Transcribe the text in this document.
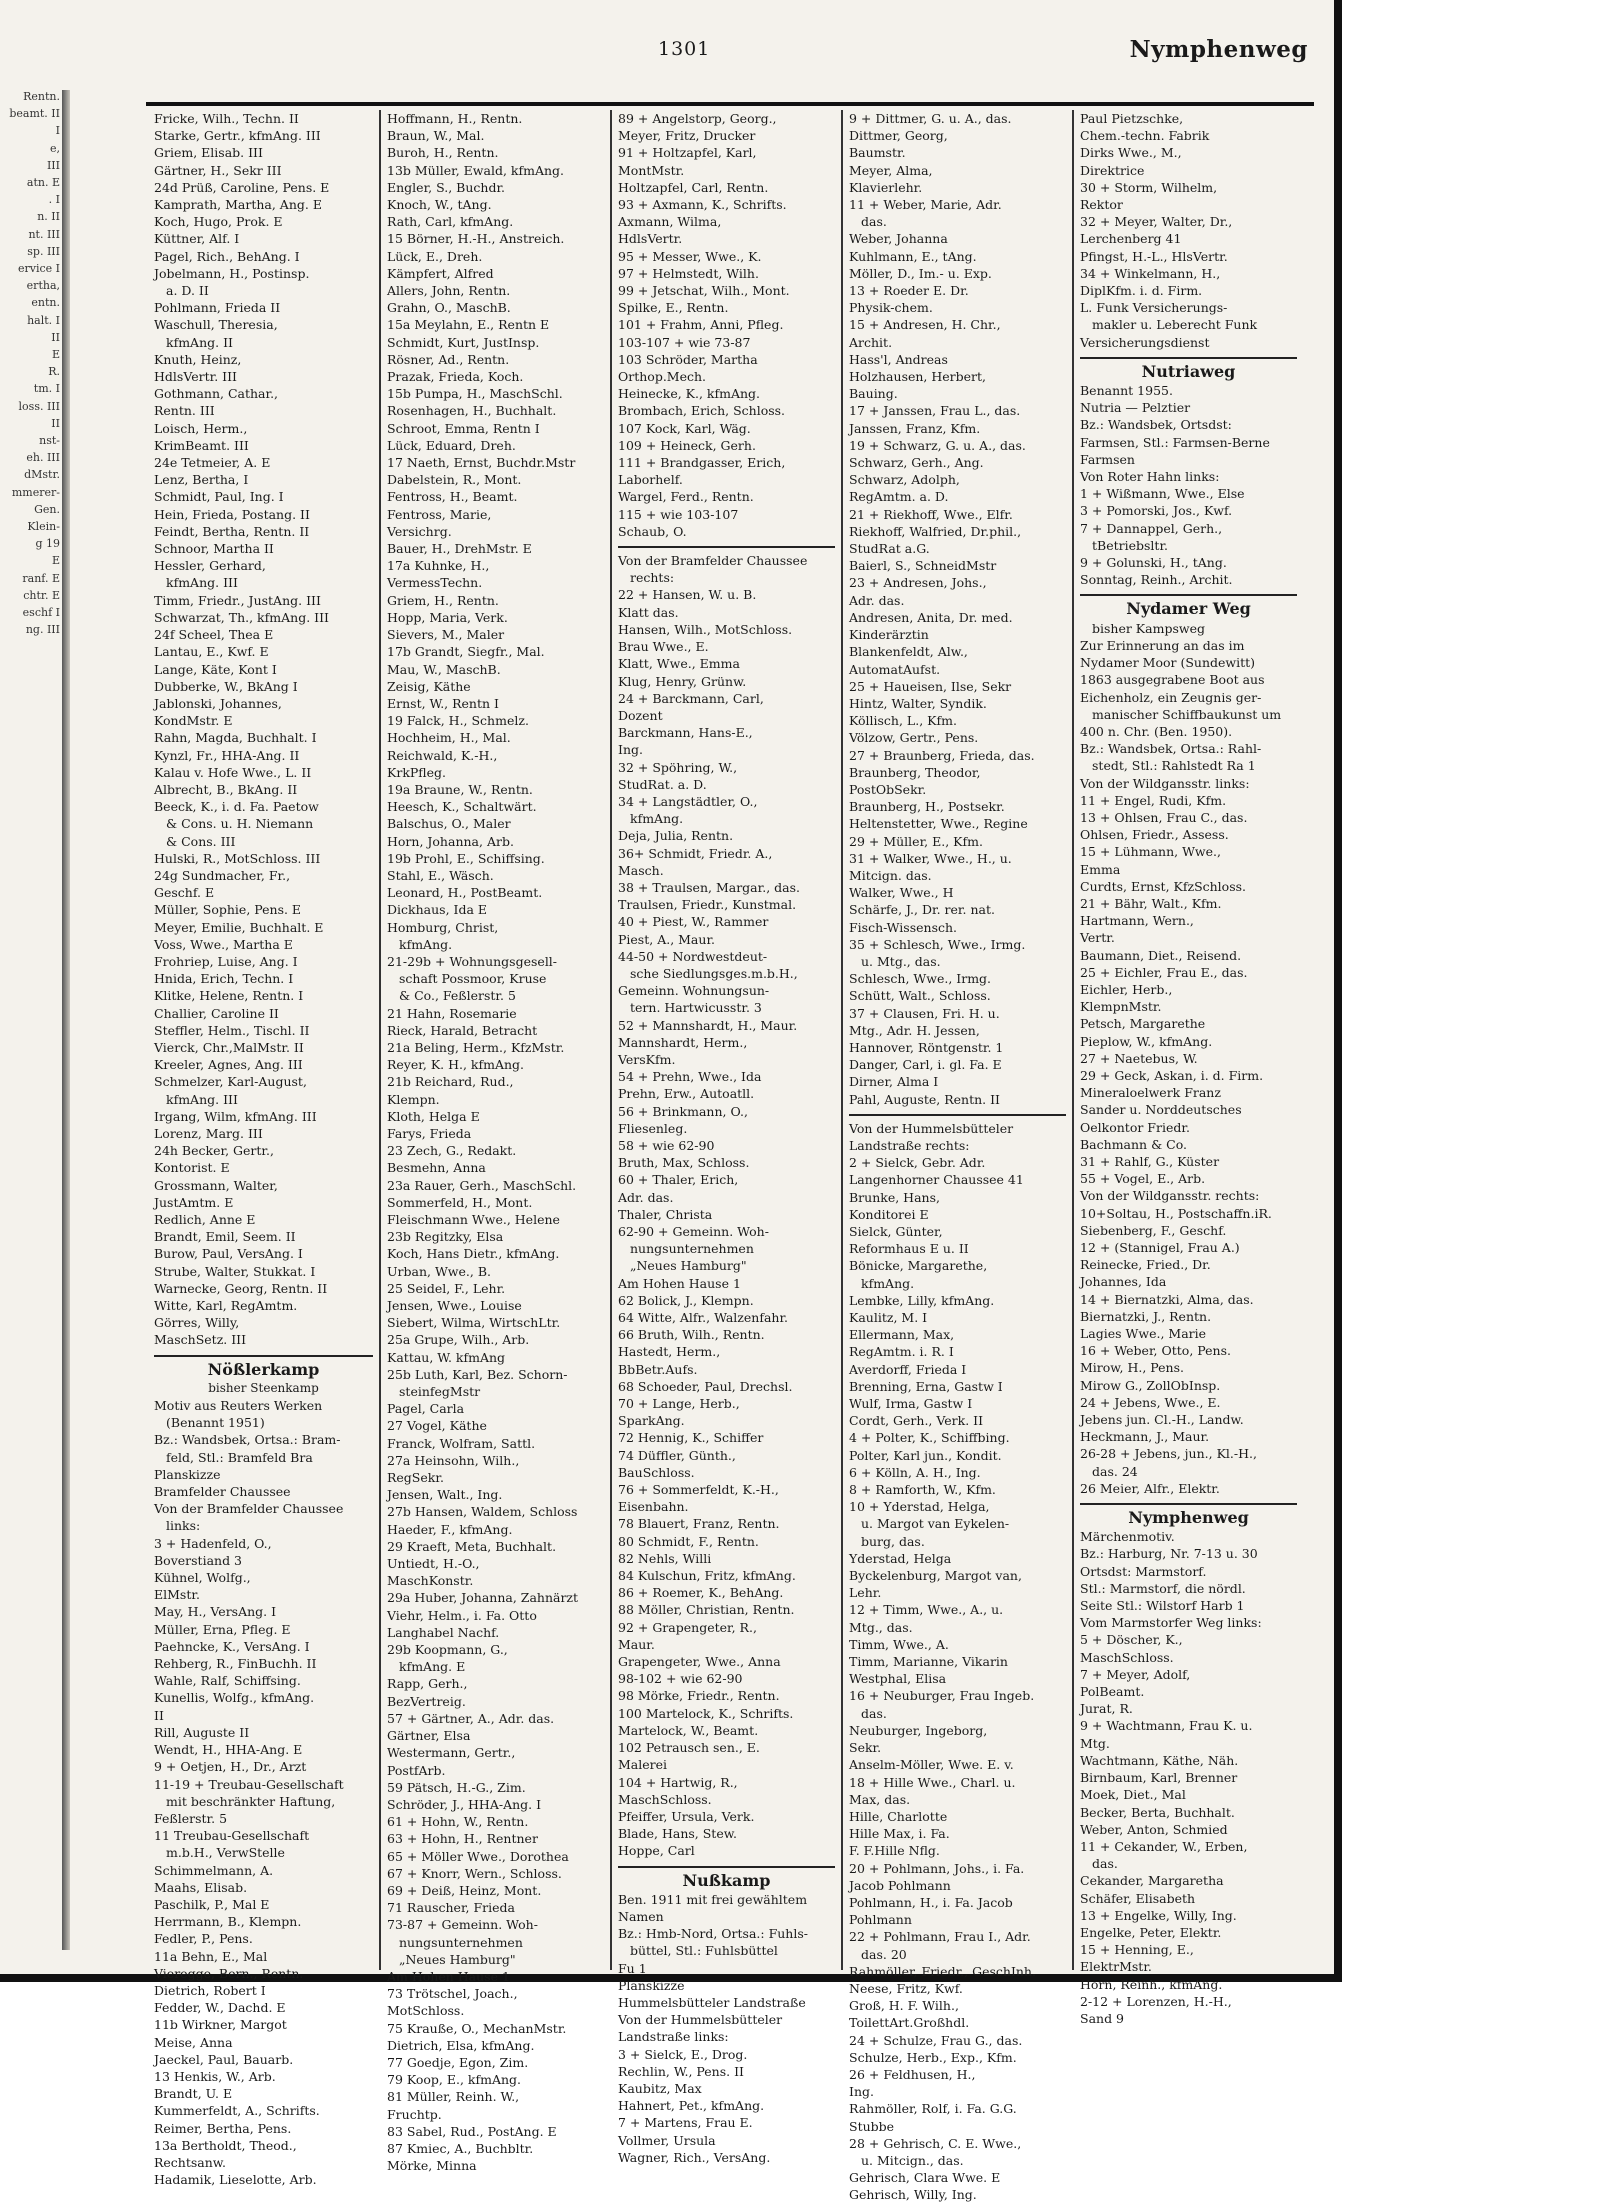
Rentn.
beamt. II
I
e,
III
atn. E
. I
n. II
nt. III
sp. III
ervice I
ertha,
entn.
halt. I
II
E
R.
tm. I
loss. III
II
nst-
eh. III
dMstr.
mmerer-
Gen.
Klein-
g 19
E
ranf. E
chtr. E
eschf I
ng. III
1301	Nymphenweg
Fricke, Wilh., Techn. II
Starke, Gertr., kfmAng. III
Griem, Elisab. III
Gärtner, H., Sekr III
24d Prüß, Caroline, Pens. E
Kamprath, Martha, Ang. E
Koch, Hugo, Prok. E
Küttner, Alf. I
Pagel, Rich., BehAng. I
Jobelmann, H., Postinsp.
a. D. II
Pohlmann, Frieda II
Waschull, Theresia,
kfmAng. II
Knuth, Heinz,
HdlsVertr. III
Gothmann, Cathar.,
Rentn. III
Loisch, Herm.,
KrimBeamt. III
24e Tetmeier, A. E
Lenz, Bertha, I
Schmidt, Paul, Ing. I
Hein, Frieda, Postang. II
Feindt, Bertha, Rentn. II
Schnoor, Martha II
Hessler, Gerhard,
kfmAng. III
Timm, Friedr., JustAng. III
Schwarzat, Th., kfmAng. III
24f Scheel, Thea E
Lantau, E., Kwf. E
Lange, Käte, Kont I
Dubberke, W., BkAng I
Jablonski, Johannes,
KondMstr. E
Rahn, Magda, Buchhalt. I
Kynzl, Fr., HHA-Ang. II
Kalau v. Hofe Wwe., L. II
Albrecht, B., BkAng. II
Beeck, K., i. d. Fa. Paetow
& Cons. u. H. Niemann
& Cons. III
Hulski, R., MotSchloss. III
24g Sundmacher, Fr.,
Geschf. E
Müller, Sophie, Pens. E
Meyer, Emilie, Buchhalt. E
Voss, Wwe., Martha E
Frohriep, Luise, Ang. I
Hnida, Erich, Techn. I
Klitke, Helene, Rentn. I
Challier, Caroline II
Steffler, Helm., Tischl. II
Vierck, Chr.,MalMstr. II
Kreeler, Agnes, Ang. III
Schmelzer, Karl-August,
kfmAng. III
Irgang, Wilm, kfmAng. III
Lorenz, Marg. III
24h Becker, Gertr.,
Kontorist. E
Grossmann, Walter,
JustAmtm. E
Redlich, Anne E
Brandt, Emil, Seem. II
Burow, Paul, VersAng. I
Strube, Walter, Stukkat. I
Warnecke, Georg, Rentn. II
Witte, Karl, RegAmtm.
Görres, Willy,
MaschSetz. III
Nößlerkamp
bisher Steenkamp
Motiv aus Reuters Werken
(Benannt 1951)
Bz.: Wandsbek, Ortsa.: Bram-
feld, Stl.: Bramfeld Bra
Planskizze
Bramfelder Chaussee
Von der Bramfelder Chaussee
links:
3 + Hadenfeld, O.,
Boverstiand 3
Kühnel, Wolfg.,
ElMstr.
May, H., VersAng. I
Müller, Erna, Pfleg. E
Paehncke, K., VersAng. I
Rehberg, R., FinBuchh. II
Wahle, Ralf, Schiffsing.
Kunellis, Wolfg., kfmAng.
II
Rill, Auguste II
Wendt, H., HHA-Ang. E
9 + Oetjen, H., Dr., Arzt
11-19 + Treubau-Gesellschaft
mit beschränkter Haftung,
Feßlerstr. 5
11 Treubau-Gesellschaft
m.b.H., VerwStelle
Schimmelmann, A.
Maahs, Elisab.
Paschilk, P., Mal E
Herrmann, B., Klempn.
Fedler, P., Pens.
11a Behn, E., Mal
Vieregge, Bern., Rentn.
Dietrich, Robert I
Fedder, W., Dachd. E
11b Wirkner, Margot
Meise, Anna
Jaeckel, Paul, Bauarb.
13 Henkis, W., Arb.
Brandt, U. E
Kummerfeldt, A., Schrifts.
Reimer, Bertha, Pens.
13a Bertholdt, Theod.,
Rechtsanw.
Hadamik, Lieselotte, Arb.
Hoffmann, H., Rentn.
Braun, W., Mal.
Buroh, H., Rentn.
13b Müller, Ewald, kfmAng.
Engler, S., Buchdr.
Knoch, W., tAng.
Rath, Carl, kfmAng.
15 Börner, H.-H., Anstreich.
Lück, E., Dreh.
Kämpfert, Alfred
Allers, John, Rentn.
Grahn, O., MaschB.
15a Meylahn, E., Rentn E
Schmidt, Kurt, JustInsp.
Rösner, Ad., Rentn.
Prazak, Frieda, Koch.
15b Pumpa, H., MaschSchl.
Rosenhagen, H., Buchhalt.
Schroot, Emma, Rentn I
Lück, Eduard, Dreh.
17 Naeth, Ernst, Buchdr.Mstr
Dabelstein, R., Mont.
Fentross, H., Beamt.
Fentross, Marie,
Versichrg.
Bauer, H., DrehMstr. E
17a Kuhnke, H.,
VermessTechn.
Griem, H., Rentn.
Hopp, Maria, Verk.
Sievers, M., Maler
17b Grandt, Siegfr., Mal.
Mau, W., MaschB.
Zeisig, Käthe
Ernst, W., Rentn I
19 Falck, H., Schmelz.
Hochheim, H., Mal.
Reichwald, K.-H.,
KrkPfleg.
19a Braune, W., Rentn.
Heesch, K., Schaltwärt.
Balschus, O., Maler
Horn, Johanna, Arb.
19b Prohl, E., Schiffsing.
Stahl, E., Wäsch.
Leonard, H., PostBeamt.
Dickhaus, Ida E
Homburg, Christ,
kfmAng.
21-29b + Wohnungsgesell-
schaft Possmoor, Kruse
& Co., Feßlerstr. 5
21 Hahn, Rosemarie
Rieck, Harald, Betracht
21a Beling, Herm., KfzMstr.
Reyer, K. H., kfmAng.
21b Reichard, Rud.,
Klempn.
Kloth, Helga E
Farys, Frieda
23 Zech, G., Redakt.
Besmehn, Anna
23a Rauer, Gerh., MaschSchl.
Sommerfeld, H., Mont.
Fleischmann Wwe., Helene
23b Regitzky, Elsa
Koch, Hans Dietr., kfmAng.
Urban, Wwe., B.
25 Seidel, F., Lehr.
Jensen, Wwe., Louise
Siebert, Wilma, WirtschLtr.
25a Grupe, Wilh., Arb.
Kattau, W. kfmAng
25b Luth, Karl, Bez. Schorn-
steinfegMstr
Pagel, Carla
27 Vogel, Käthe
Franck, Wolfram, Sattl.
27a Heinsohn, Wilh.,
RegSekr.
Jensen, Walt., Ing.
27b Hansen, Waldem, Schloss
Haeder, F., kfmAng.
29 Kraeft, Meta, Buchhalt.
Untiedt, H.-O.,
MaschKonstr.
29a Huber, Johanna, Zahnärzt
Viehr, Helm., i. Fa. Otto
Langhabel Nachf.
29b Koopmann, G.,
kfmAng. E
Rapp, Gerh.,
BezVertreig.
57 + Gärtner, A., Adr. das.
Gärtner, Elsa
Westermann, Gertr.,
PostfArb.
59 Pätsch, H.-G., Zim.
Schröder, J., HHA-Ang. I
61 + Hohn, W., Rentn.
63 + Hohn, H., Rentner
65 + Möller Wwe., Dorothea
67 + Knorr, Wern., Schloss.
69 + Deiß, Heinz, Mont.
71 Rauscher, Frieda
73-87 + Gemeinn. Woh-
nungsunternehmen
„Neues Hamburg"
Am Hohen Hause 1
73 Trötschel, Joach.,
MotSchloss.
75 Krauße, O., MechanMstr.
Dietrich, Elsa, kfmAng.
77 Goedje, Egon, Zim.
79 Koop, E., kfmAng.
81 Müller, Reinh. W.,
Fruchtp.
83 Sabel, Rud., PostAng. E
87 Kmiec, A., Buchbltr.
Mörke, Minna
89 + Angelstorp, Georg.,
Meyer, Fritz, Drucker
91 + Holtzapfel, Karl,
MontMstr.
Holtzapfel, Carl, Rentn.
93 + Axmann, K., Schrifts.
Axmann, Wilma,
HdlsVertr.
95 + Messer, Wwe., K.
97 + Helmstedt, Wilh.
99 + Jetschat, Wilh., Mont.
Spilke, E., Rentn.
101 + Frahm, Anni, Pfleg.
103-107 + wie 73-87
103 Schröder, Martha
Orthop.Mech.
Heinecke, K., kfmAng.
Brombach, Erich, Schloss.
107 Kock, Karl, Wäg.
109 + Heineck, Gerh.
111 + Brandgasser, Erich,
Laborhelf.
Wargel, Ferd., Rentn.
115 + wie 103-107
Schaub, O.
Von der Bramfelder Chaussee
rechts:
22 + Hansen, W. u. B.
Klatt das.
Hansen, Wilh., MotSchloss.
Brau Wwe., E.
Klatt, Wwe., Emma
Klug, Henry, Grünw.
24 + Barckmann, Carl,
Dozent
Barckmann, Hans-E.,
Ing.
32 + Spöhring, W.,
StudRat. a. D.
34 + Langstädtler, O.,
kfmAng.
Deja, Julia, Rentn.
36+ Schmidt, Friedr. A.,
Masch.
38 + Traulsen, Margar., das.
Traulsen, Friedr., Kunstmal.
40 + Piest, W., Rammer
Piest, A., Maur.
44-50 + Nordwestdeut-
sche Siedlungsges.m.b.H.,
Gemeinn. Wohnungsun-
tern. Hartwicusstr. 3
52 + Mannshardt, H., Maur.
Mannshardt, Herm.,
VersKfm.
54 + Prehn, Wwe., Ida
Prehn, Erw., Autoatll.
56 + Brinkmann, O.,
Fliesenleg.
58 + wie 62-90
Bruth, Max, Schloss.
60 + Thaler, Erich,
Adr. das.
Thaler, Christa
62-90 + Gemeinn. Woh-
nungsunternehmen
„Neues Hamburg"
Am Hohen Hause 1
62 Bolick, J., Klempn.
64 Witte, Alfr., Walzenfahr.
66 Bruth, Wilh., Rentn.
Hastedt, Herm.,
BbBetr.Aufs.
68 Schoeder, Paul, Drechsl.
70 + Lange, Herb.,
SparkAng.
72 Hennig, K., Schiffer
74 Düffler, Günth.,
BauSchloss.
76 + Sommerfeldt, K.-H.,
Eisenbahn.
78 Blauert, Franz, Rentn.
80 Schmidt, F., Rentn.
82 Nehls, Willi
84 Kulschun, Fritz, kfmAng.
86 + Roemer, K., BehAng.
88 Möller, Christian, Rentn.
92 + Grapengeter, R.,
Maur.
Grapengeter, Wwe., Anna
98-102 + wie 62-90
98 Mörke, Friedr., Rentn.
100 Martelock, K., Schrifts.
Martelock, W., Beamt.
102 Petrausch sen., E.
Malerei
104 + Hartwig, R.,
MaschSchloss.
Pfeiffer, Ursula, Verk.
Blade, Hans, Stew.
Hoppe, Carl
Nußkamp
Ben. 1911 mit frei gewähltem
Namen
Bz.: Hmb-Nord, Ortsa.: Fuhls-
büttel, Stl.: Fuhlsbüttel
Fu 1
Planskizze
Hummelsbütteler Landstraße
Von der Hummelsbütteler
Landstraße links:
3 + Sielck, E., Drog.
Rechlin, W., Pens. II
Kaubitz, Max
Hahnert, Pet., kfmAng.
7 + Martens, Frau E.
Vollmer, Ursula
Wagner, Rich., VersAng.
9 + Dittmer, G. u. A., das.
Dittmer, Georg,
Baumstr.
Meyer, Alma,
Klavierlehr.
11 + Weber, Marie, Adr.
das.
Weber, Johanna
Kuhlmann, E., tAng.
Möller, D., Im.- u. Exp.
13 + Roeder E. Dr.
Physik-chem.
15 + Andresen, H. Chr.,
Archit.
Hass'l, Andreas
Holzhausen, Herbert,
Bauing.
17 + Janssen, Frau L., das.
Janssen, Franz, Kfm.
19 + Schwarz, G. u. A., das.
Schwarz, Gerh., Ang.
Schwarz, Adolph,
RegAmtm. a. D.
21 + Riekhoff, Wwe., Elfr.
Riekhoff, Walfried, Dr.phil.,
StudRat a.G.
Baierl, S., SchneidMstr
23 + Andresen, Johs.,
Adr. das.
Andresen, Anita, Dr. med.
Kinderärztin
Blankenfeldt, Alw.,
AutomatAufst.
25 + Haueisen, Ilse, Sekr
Hintz, Walter, Syndik.
Köllisch, L., Kfm.
Völzow, Gertr., Pens.
27 + Braunberg, Frieda, das.
Braunberg, Theodor,
PostObSekr.
Braunberg, H., Postsekr.
Heltenstetter, Wwe., Regine
29 + Müller, E., Kfm.
31 + Walker, Wwe., H., u.
Mitcign. das.
Walker, Wwe., H
Schärfe, J., Dr. rer. nat.
Fisch-Wissensch.
35 + Schlesch, Wwe., Irmg.
u. Mtg., das.
Schlesch, Wwe., Irmg.
Schütt, Walt., Schloss.
37 + Clausen, Fri. H. u.
Mtg., Adr. H. Jessen,
Hannover, Röntgenstr. 1
Danger, Carl, i. gl. Fa. E
Dirner, Alma I
Pahl, Auguste, Rentn. II
Von der Hummelsbütteler
Landstraße rechts:
2 + Sielck, Gebr. Adr.
Langenhorner Chaussee 41
Brunke, Hans,
Konditorei E
Sielck, Günter,
Reformhaus E u. II
Bönicke, Margarethe,
kfmAng.
Lembke, Lilly, kfmAng.
Kaulitz, M. I
Ellermann, Max,
RegAmtm. i. R. I
Averdorff, Frieda I
Brenning, Erna, Gastw I
Wulf, Irma, Gastw I
Cordt, Gerh., Verk. II
4 + Polter, K., Schiffbing.
Polter, Karl jun., Kondit.
6 + Kölln, A. H., Ing.
8 + Ramforth, W., Kfm.
10 + Yderstad, Helga,
u. Margot van Eykelen-
burg, das.
Yderstad, Helga
Byckelenburg, Margot van,
Lehr.
12 + Timm, Wwe., A., u.
Mtg., das.
Timm, Wwe., A.
Timm, Marianne, Vikarin
Westphal, Elisa
16 + Neuburger, Frau Ingeb.
das.
Neuburger, Ingeborg,
Sekr.
Anselm-Möller, Wwe. E. v.
18 + Hille Wwe., Charl. u.
Max, das.
Hille, Charlotte
Hille Max, i. Fa.
F. F.Hille Nflg.
20 + Pohlmann, Johs., i. Fa.
Jacob Pohlmann
Pohlmann, H., i. Fa. Jacob
Pohlmann
22 + Pohlmann, Frau I., Adr.
das. 20
Rahmöller, Friedr., GeschInh.
Neese, Fritz, Kwf.
Groß, H. F. Wilh.,
ToilettArt.Großhdl.
24 + Schulze, Frau G., das.
Schulze, Herb., Exp., Kfm.
26 + Feldhusen, H.,
Ing.
Rahmöller, Rolf, i. Fa. G.G.
Stubbe
28 + Gehrisch, C. E. Wwe.,
u. Mitcign., das.
Gehrisch, Clara Wwe. E
Gehrisch, Willy, Ing.
Paul Pietzschke,
Chem.-techn. Fabrik
Dirks Wwe., M.,
Direktrice
30 + Storm, Wilhelm,
Rektor
32 + Meyer, Walter, Dr.,
Lerchenberg 41
Pfingst, H.-L., HlsVertr.
34 + Winkelmann, H.,
DiplKfm. i. d. Firm.
L. Funk Versicherungs-
makler u. Leberecht Funk
Versicherungsdienst
Nutriaweg
Benannt 1955.
Nutria — Pelztier
Bz.: Wandsbek, Ortsdst:
Farmsen, Stl.: Farmsen-Berne
Farmsen
Von Roter Hahn links:
1 + Wißmann, Wwe., Else
3 + Pomorski, Jos., Kwf.
7 + Dannappel, Gerh.,
tBetriebsltr.
9 + Golunski, H., tAng.
Sonntag, Reinh., Archit.
Nydamer Weg
bisher Kampsweg
Zur Erinnerung an das im
Nydamer Moor (Sundewitt)
1863 ausgegrabene Boot aus
Eichenholz, ein Zeugnis ger-
manischer Schiffbaukunst um
400 n. Chr. (Ben. 1950).
Bz.: Wandsbek, Ortsa.: Rahl-
stedt, Stl.: Rahlstedt Ra 1
Von der Wildgansstr. links:
11 + Engel, Rudi, Kfm.
13 + Ohlsen, Frau C., das.
Ohlsen, Friedr., Assess.
15 + Lühmann, Wwe.,
Emma
Curdts, Ernst, KfzSchloss.
21 + Bähr, Walt., Kfm.
Hartmann, Wern.,
Vertr.
Baumann, Diet., Reisend.
25 + Eichler, Frau E., das.
Eichler, Herb.,
KlempnMstr.
Petsch, Margarethe
Pieplow, W., kfmAng.
27 + Naetebus, W.
29 + Geck, Askan, i. d. Firm.
Mineraloelwerk Franz
Sander u. Norddeutsches
Oelkontor Friedr.
Bachmann & Co.
31 + Rahlf, G., Küster
55 + Vogel, E., Arb.
Von der Wildgansstr. rechts:
10+Soltau, H., Postschaffn.iR.
Siebenberg, F., Geschf.
12 + (Stannigel, Frau A.)
Reinecke, Fried., Dr.
Johannes, Ida
14 + Biernatzki, Alma, das.
Biernatzki, J., Rentn.
Lagies Wwe., Marie
16 + Weber, Otto, Pens.
Mirow, H., Pens.
Mirow G., ZollObInsp.
24 + Jebens, Wwe., E.
Jebens jun. Cl.-H., Landw.
Heckmann, J., Maur.
26-28 + Jebens, jun., Kl.-H.,
das. 24
26 Meier, Alfr., Elektr.
Nymphenweg
Märchenmotiv.
Bz.: Harburg, Nr. 7-13 u. 30
Ortsdst: Marmstorf.
Stl.: Marmstorf, die nördl.
Seite Stl.: Wilstorf Harb 1
Vom Marmstorfer Weg links:
5 + Döscher, K.,
MaschSchloss.
7 + Meyer, Adolf,
PolBeamt.
Jurat, R.
9 + Wachtmann, Frau K. u.
Mtg.
Wachtmann, Käthe, Näh.
Birnbaum, Karl, Brenner
Moek, Diet., Mal
Becker, Berta, Buchhalt.
Weber, Anton, Schmied
11 + Cekander, W., Erben,
das.
Cekander, Margaretha
Schäfer, Elisabeth
13 + Engelke, Willy, Ing.
Engelke, Peter, Elektr.
15 + Henning, E.,
ElektrMstr.
Horn, Reinh., kfmAng.
2-12 + Lorenzen, H.-H.,
Sand 9
